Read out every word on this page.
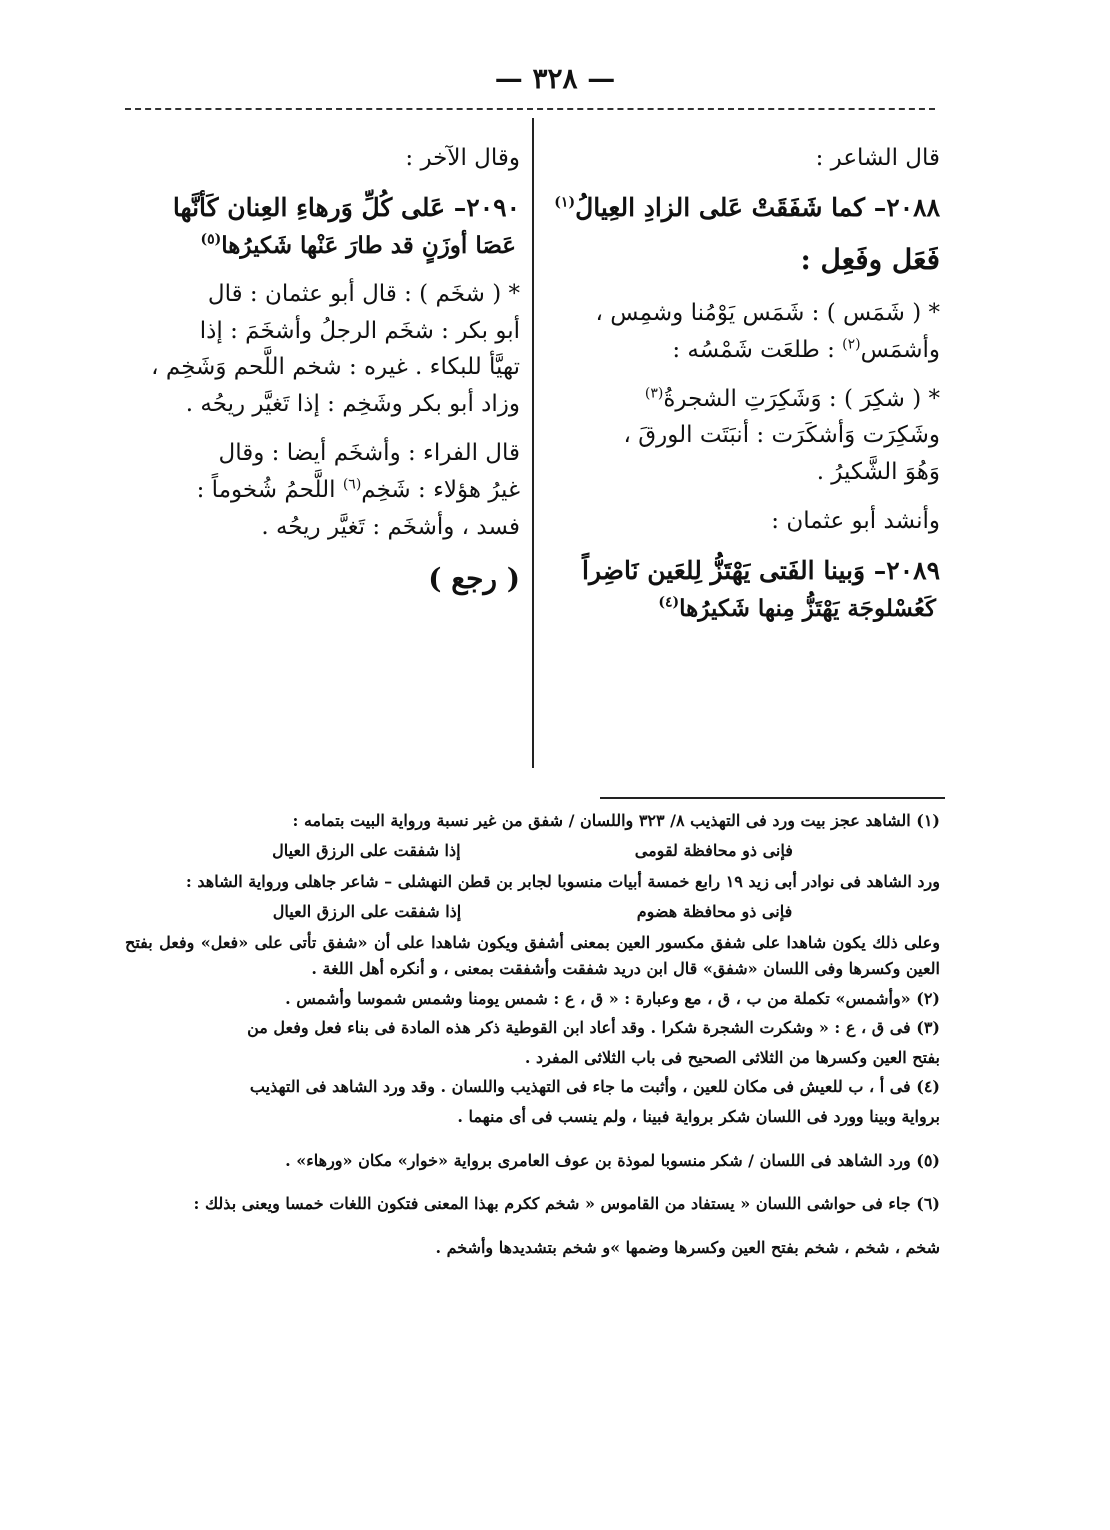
— ٣٢٨ —

قال الشاعر :

٢٠٨٨– كما شَفَقَتْ عَلى الزادِ العِيالُ$^{(١)}$

فَعَل وفَعِل :

* ( شَمَس ) : شَمَس يَوْمُنا وشمِس ،
وأشمَس$^{(٢)}$ : طلعَت شَمْسُه :

* ( شكِرَ ) : وَشَكِرَتِ الشجرةُ$^{(٣)}$
وشَكِرَت وَأشكَرَت : أنبَتَت الورقَ ،
وَهُوَ الشَّكيرُ .

وأنشد أبو عثمان :

٢٠٨٩– وَبينا الفَتى يَهْتَزُّ لِلعَين نَاضِراً
كَعُسْلوجَة يَهْتَزُّ مِنها شَكيرُها$^{(٤)}$

وقال الآخر :

٢٠٩٠– عَلى كُلِّ وَرهاءِ العِنان كَأنَّها
عَصَا أوزَنٍ قد طارَ عَنْها شَكيرُها$^{(٥)}$

* ( شخَم ) : قال أبو عثمان : قال
أبو بكر : شخَم الرجلُ وأشخَمَ : إذا
تهيَّأ للبكاء . غيره : شخم اللَّحم وَشَخِم ،
وزاد أبو بكر وشَخِم : إذا تَغيَّر ريحُه .

قال الفراء : وأشخَم أيضا : وقال
غيرُ هؤلاء : شَخِم$^{(٦)}$ اللَّحمُ شُخوماً :
فسد ، وأشخَم : تَغيَّر ريحُه .

( رجع )

(١) الشاهد عجز بيت ورد فى التهذيب ٨/ ٣٢٣ واللسان / شفق من غير نسبة ورواية البيت بتمامه :

فإنى ذو محافظة لقومى
إذا شفقت على الرزق العيال

ورد الشاهد فى نوادر أبى زيد ١٩ رابع خمسة أبيات منسوبا لجابر بن قطن النهشلى – شاعر جاهلى ورواية الشاهد :

فإنى ذو محافظة هضوم
إذا شفقت على الرزق العيال

وعلى ذلك يكون شاهدا على شفق مكسور العين بمعنى أشفق ويكون شاهدا على أن «شفق تأتى على «فعل» وفعل بفتح العين وكسرها وفى اللسان «شفق» قال ابن دريد شفقت وأشفقت بمعنى ، و أنكره أهل اللغة .

(٢) «وأشمس» تكملة من ب ، ق ، مع وعبارة : « ق ، ع : شمس يومنا وشمس شموسا وأشمس .

(٣) فى ق ، ع : « وشكرت الشجرة شكرا . وقد أعاد ابن القوطية ذكر هذه المادة فى بناء فعل وفعل من

بفتح العين وكسرها من الثلاثى الصحيح فى باب الثلاثى المفرد .

(٤) فى أ ، ب للعيش فى مكان للعين ، وأثبت ما جاء فى التهذيب واللسان . وقد ورد الشاهد فى التهذيب

برواية وبينا وورد فى اللسان شكر برواية فبينا ، ولم ينسب فى أى منهما .

(٥) ورد الشاهد فى اللسان / شكر منسوبا لموذة بن عوف العامرى برواية «خوار» مكان «ورهاء» .

(٦) جاء فى حواشى اللسان « يستفاد من القاموس « شخم ككرم بهذا المعنى فتكون اللغات خمسا ويعنى بذلك :

شخم ، شخم ، شخم بفتح العين وكسرها وضمها »و شخم بتشديدها وأشخم .
